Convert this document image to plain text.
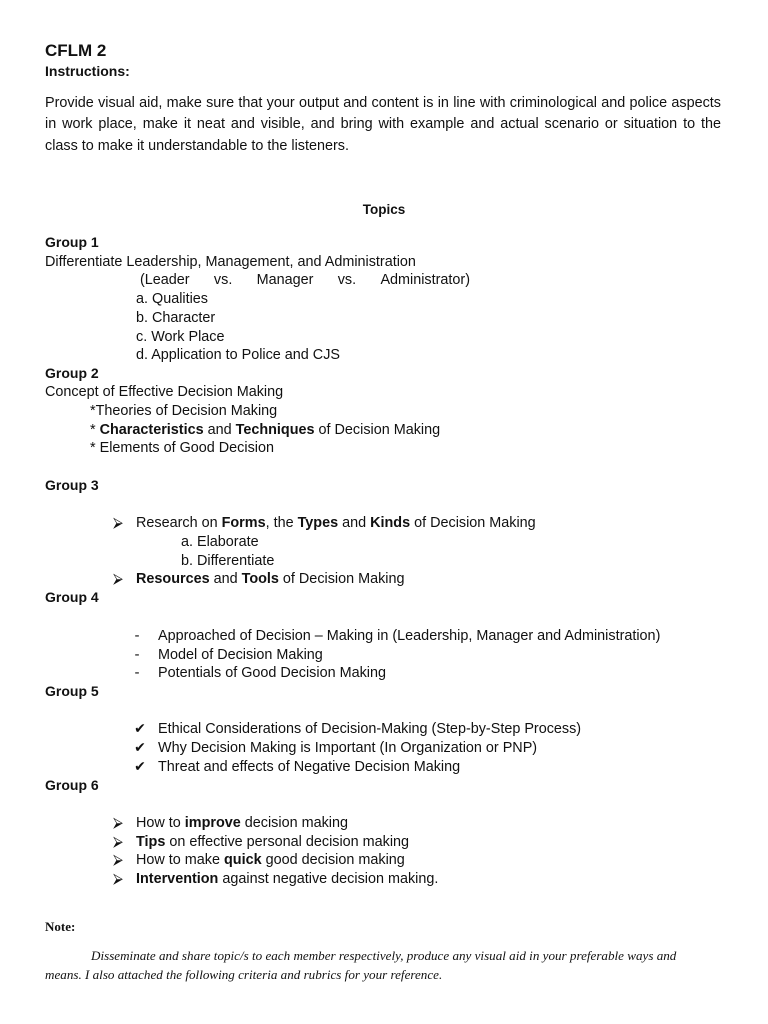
CFLM 2
Instructions:
Provide visual aid, make sure that your output and content is in line with criminological and police aspects in work place, make it neat and visible, and bring with example and actual scenario or situation to the class to make it understandable to the listeners.
Topics
Group 1
Differentiate Leadership, Management, and Administration
(Leader vs. Manager vs. Administrator)
a. Qualities
b. Character
c. Work Place
d. Application to Police and CJS
Group 2
Concept of Effective Decision Making
*Theories of Decision Making
* Characteristics and Techniques of Decision Making
* Elements of Good Decision
Group 3
⮚ Research on Forms, the Types and Kinds of Decision Making
a. Elaborate
b. Differentiate
⮚ Resources and Tools of Decision Making
Group 4
-	Approached of Decision – Making in (Leadership, Manager and Administration)
-	Model of Decision Making
-	Potentials of Good Decision Making
Group 5
✔ Ethical Considerations of Decision-Making (Step-by-Step Process)
✔ Why Decision Making is Important (In Organization or PNP)
✔ Threat and effects of Negative Decision Making
Group 6
⮚ How to improve decision making
⮚ Tips on effective personal decision making
⮚ How to make quick good decision making
⮚ Intervention against negative decision making.
Note:
Disseminate and share topic/s to each member respectively, produce any visual aid in your preferable ways and means. I also attached the following criteria and rubrics for your reference.
